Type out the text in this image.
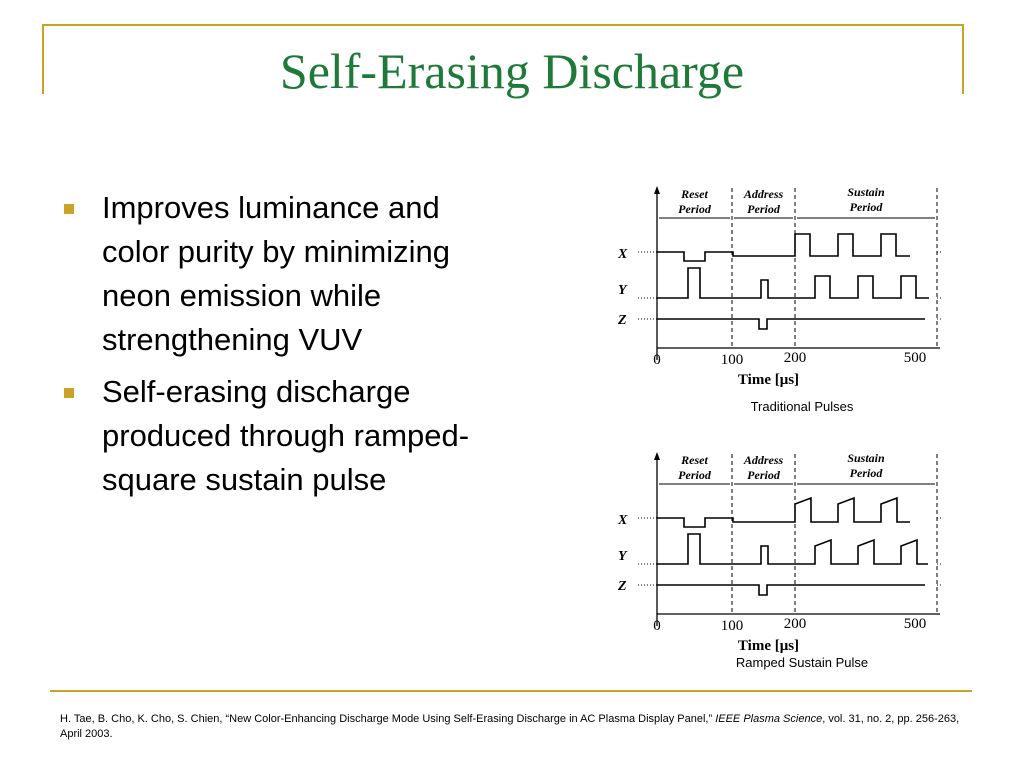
Self-Erasing Discharge
Improves luminance and color purity by minimizing neon emission while strengthening VUV
Self-erasing discharge produced through ramped-square sustain pulse
Reset
Period
Address
Period
Sustain
Period
X
Y
Z
0	100	200	500
Time [μs]
Traditional Pulses
Reset
Period
Address
Period
Sustain
Period
X
Y
Z
0	100	200	500
Time [μs]
Ramped Sustain Pulse
H. Tae, B. Cho, K. Cho, S. Chien, “New Color-Enhancing Discharge Mode Using Self-Erasing Discharge in AC Plasma Display Panel,” IEEE Plasma Science, vol. 31, no. 2, pp. 256-263, April 2003.
